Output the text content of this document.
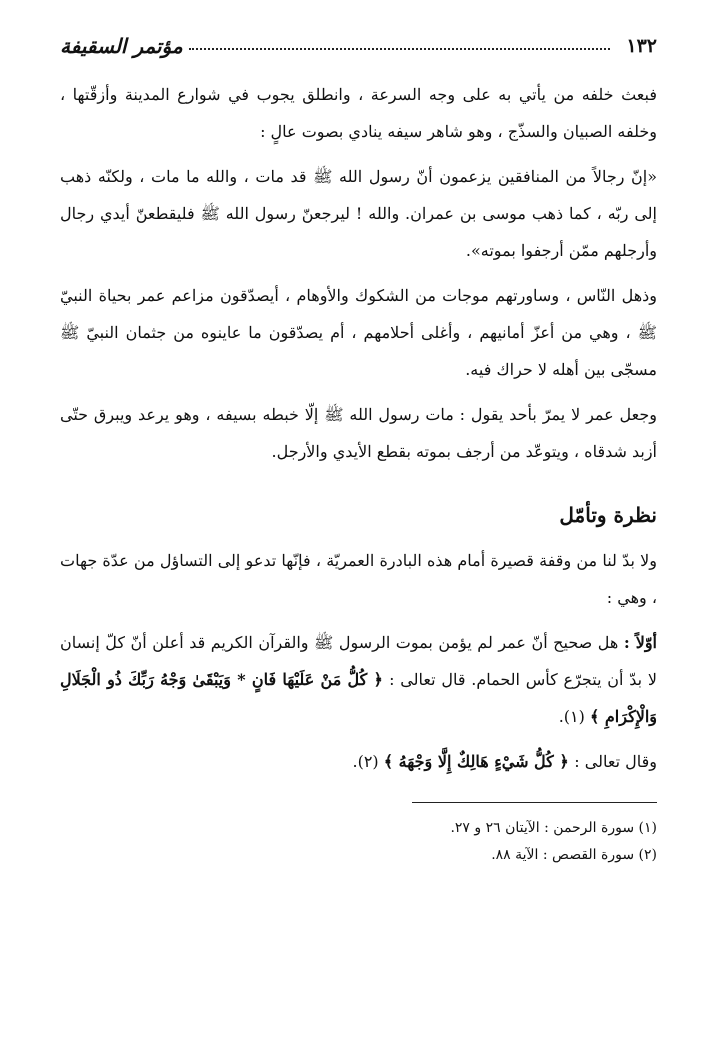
١٣٢
مؤتمر السقيفة

فبعث خلفه من يأتي به على وجه السرعة ، وانطلق يجوب في شوارع المدينة وأزقّتها ، وخلفه الصبيان والسذّج ، وهو شاهر سيفه ينادي بصوت عالٍ :

«إنّ رجالاً من المنافقين يزعمون أنّ رسول الله ﷺ قد مات ، والله ما مات ، ولكنّه ذهب إلى ربّه ، كما ذهب موسى بن عمران. والله ! ليرجعنّ رسول الله ﷺ فليقطعنّ أيدي رجال وأرجلهم ممّن أرجفوا بموته».

وذهل النّاس ، وساورتهم موجات من الشكوك والأوهام ، أيصدّقون مزاعم عمر بحياة النبيّ ﷺ ، وهي من أعزّ أمانيهم ، وأغلى أحلامهم ، أم يصدّقون ما عاينوه من جثمان النبيّ ﷺ مسجّى بين أهله لا حراك فيه.

وجعل عمر لا يمرّ بأحد يقول : مات رسول الله ﷺ إلّا خبطه بسيفه ، وهو يرعد ويبرق حتّى أزبد شدقاه ، ويتوعّد من أرجف بموته بقطع الأيدي والأرجل.

نظرة وتأمّل

ولا بدّ لنا من وقفة قصيرة أمام هذه البادرة العمريّة ، فإنّها تدعو إلى التساؤل من عدّة جهات ، وهي :

أوّلاً : هل صحيح أنّ عمر لم يؤمن بموت الرسول ﷺ والقرآن الكريم قد أعلن أنّ كلّ إنسان لا بدّ أن يتجرّع كأس الحمام. قال تعالى : ﴿ كُلُّ مَنْ عَلَيْهَا فَانٍ * وَيَبْقَىٰ وَجْهُ رَبِّكَ ذُو الْجَلَالِ وَالْإِكْرَامِ ﴾ (١).

وقال تعالى : ﴿ كُلُّ شَيْءٍ هَالِكٌ إِلَّا وَجْهَهُ ﴾ (٢).

(١) سورة الرحمن : الآيتان ٢٦ و ٢٧.

(٢) سورة القصص : الآية ٨٨.
